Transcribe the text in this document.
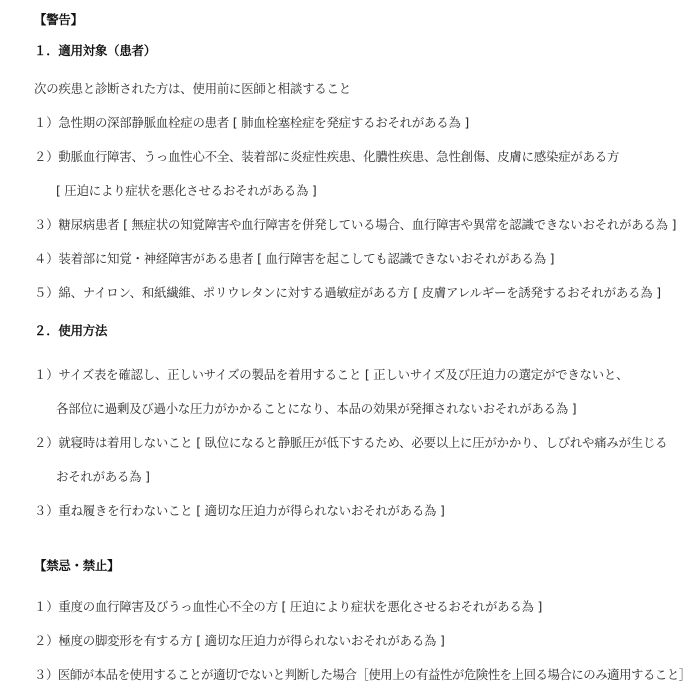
【警告】
１．適用対象（患者）
次の疾患と診断された方は、使用前に医師と相談すること
１）急性期の深部静脈血栓症の患者 [ 肺血栓塞栓症を発症するおそれがある為 ]
２）動脈血行障害、うっ血性心不全、装着部に炎症性疾患、化膿性疾患、急性創傷、皮膚に感染症がある方
[ 圧迫により症状を悪化させるおそれがある為 ]
３）糖尿病患者 [ 無症状の知覚障害や血行障害を併発している場合、血行障害や異常を認識できないおそれがある為 ]
４）装着部に知覚・神経障害がある患者 [ 血行障害を起こしても認識できないおそれがある為 ]
５）綿、ナイロン、和紙繊維、ポリウレタンに対する過敏症がある方 [ 皮膚アレルギーを誘発するおそれがある為 ]
２．使用方法
１）サイズ表を確認し、正しいサイズの製品を着用すること [ 正しいサイズ及び圧迫力の選定ができないと、
各部位に過剰及び過小な圧力がかかることになり、本品の効果が発揮されないおそれがある為 ]
２）就寝時は着用しないこと [ 臥位になると静脈圧が低下するため、必要以上に圧がかかり、しびれや痛みが生じる
おそれがある為 ]
３）重ね履きを行わないこと [ 適切な圧迫力が得られないおそれがある為 ]
【禁忌・禁止】
１）重度の血行障害及びうっ血性心不全の方 [ 圧迫により症状を悪化させるおそれがある為 ]
２）極度の脚変形を有する方 [ 適切な圧迫力が得られないおそれがある為 ]
３）医師が本品を使用することが適切でないと判断した場合［使用上の有益性が危険性を上回る場合にのみ適用すること］
